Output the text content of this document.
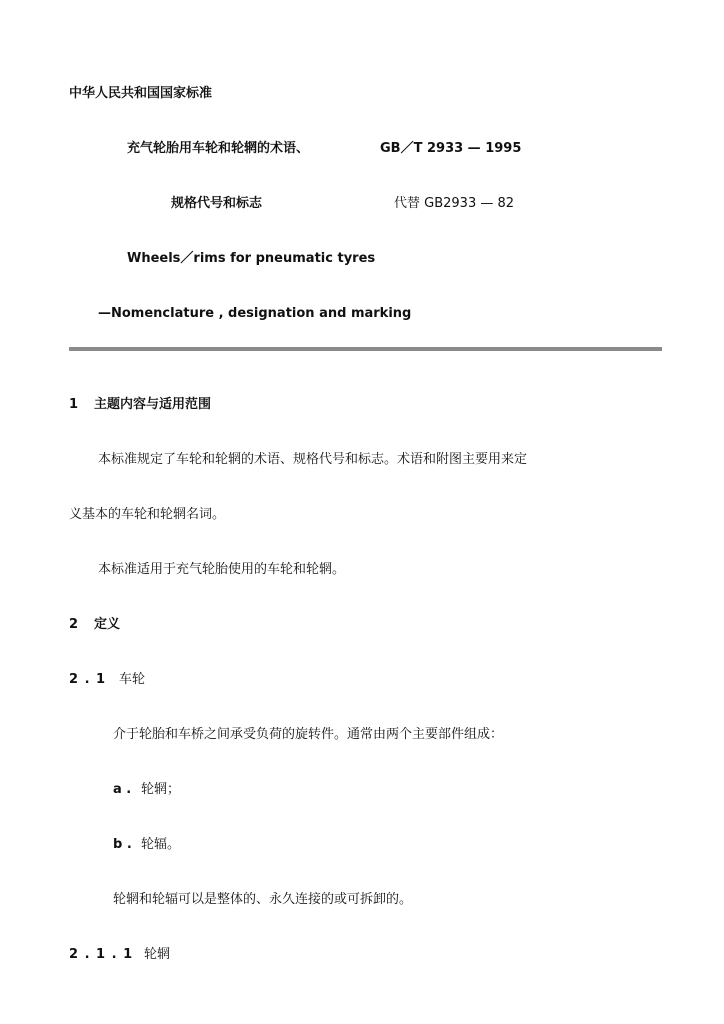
中华人民共和国国家标准
充气轮胎用车轮和轮辋的术语、	GB／T 2933 — 1995
规格代号和标志	代替 GB2933 — 82
Wheels／rims for pneumatic tyres
—Nomenclature , designation and marking
1 主题内容与适用范围
本标准规定了车轮和轮辋的术语、规格代号和标志。术语和附图主要用来定
义基本的车轮和轮辋名词。
本标准适用于充气轮胎使用的车轮和轮辋。
2 定义
2 . 1 车轮
介于轮胎和车桥之间承受负荷的旋转件。通常由两个主要部件组成：
a . 轮辋；
b . 轮辐。
轮辋和轮辐可以是整体的、永久连接的或可拆卸的。
2 . 1 . 1 轮辋
